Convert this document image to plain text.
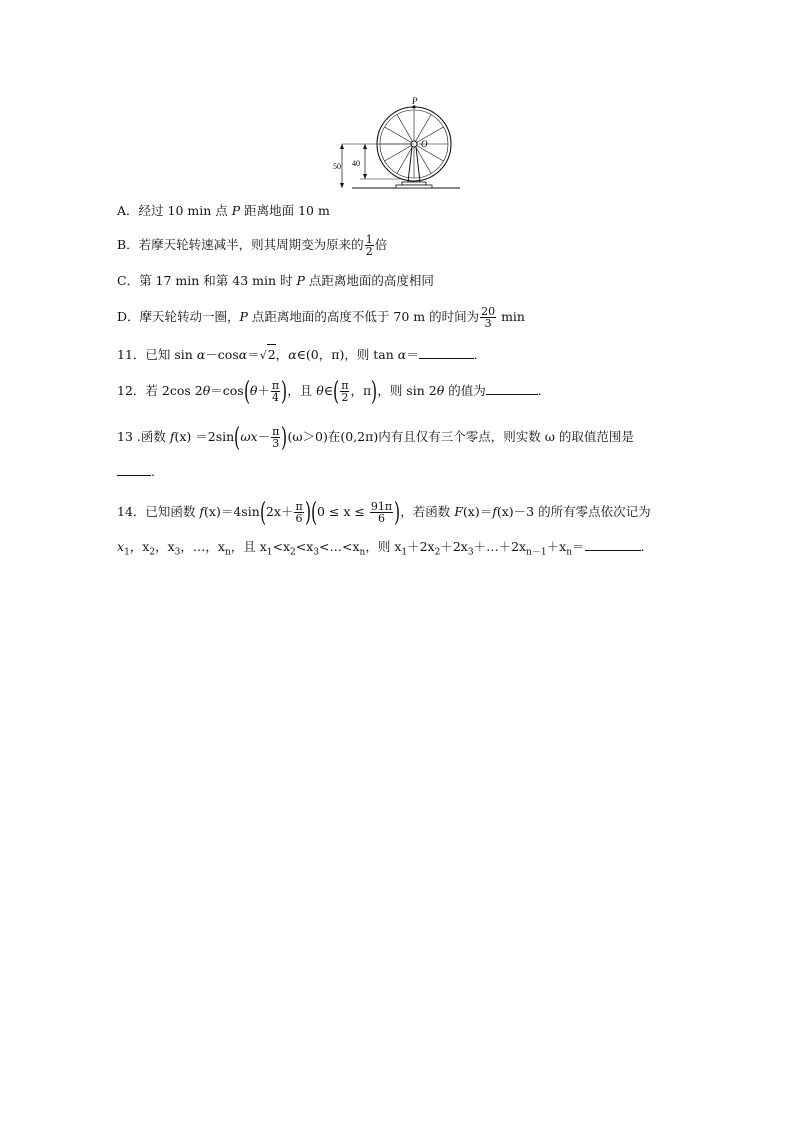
P
O
50 40
A．经过 10 min 点 P 距离地面 10 m
B．若摩天轮转速减半，则其周期变为原来的 $\frac{1}{2}$ 倍
C．第 17 min 和第 43 min 时 P 点距离地面的高度相同
D．摩天轮转动一圈，P 点距离地面的高度不低于 70 m 的时间为 $\frac{20}{3}$ min
11．已知 sin α－cosα＝√2，α∈(0，π)，则 tan α＝	.
12．若 2cos $2\theta=\cos(\theta+ \frac{\pi}{4}$ )，且 θ∈( $\frac{\pi}{2}$ ，π)，则 sin 2θ 的值为	.
13 .函数 $f(x) =2\sin(\omega x- \frac{\pi}{3} )(\omega>0)$在(0,2π)内有且仅有三个零点，则实数 ω 的取值范围是
.
14．已知函数 $f(x)=4\sin(2x+ \frac{\pi}{6} )(0 \le x \le \frac{91\pi}{6}$ )，若函数 F(x)＝f(x)－3 的所有零点依次记为
$x_1$，$x_2$，$x_3$，…，$x_n$，且 $x_1<x_2<x_3<\dots<x_n$，则 $x_1+2x_2+2x_3+\dots+2x_{n-1}+x_n=$	.
